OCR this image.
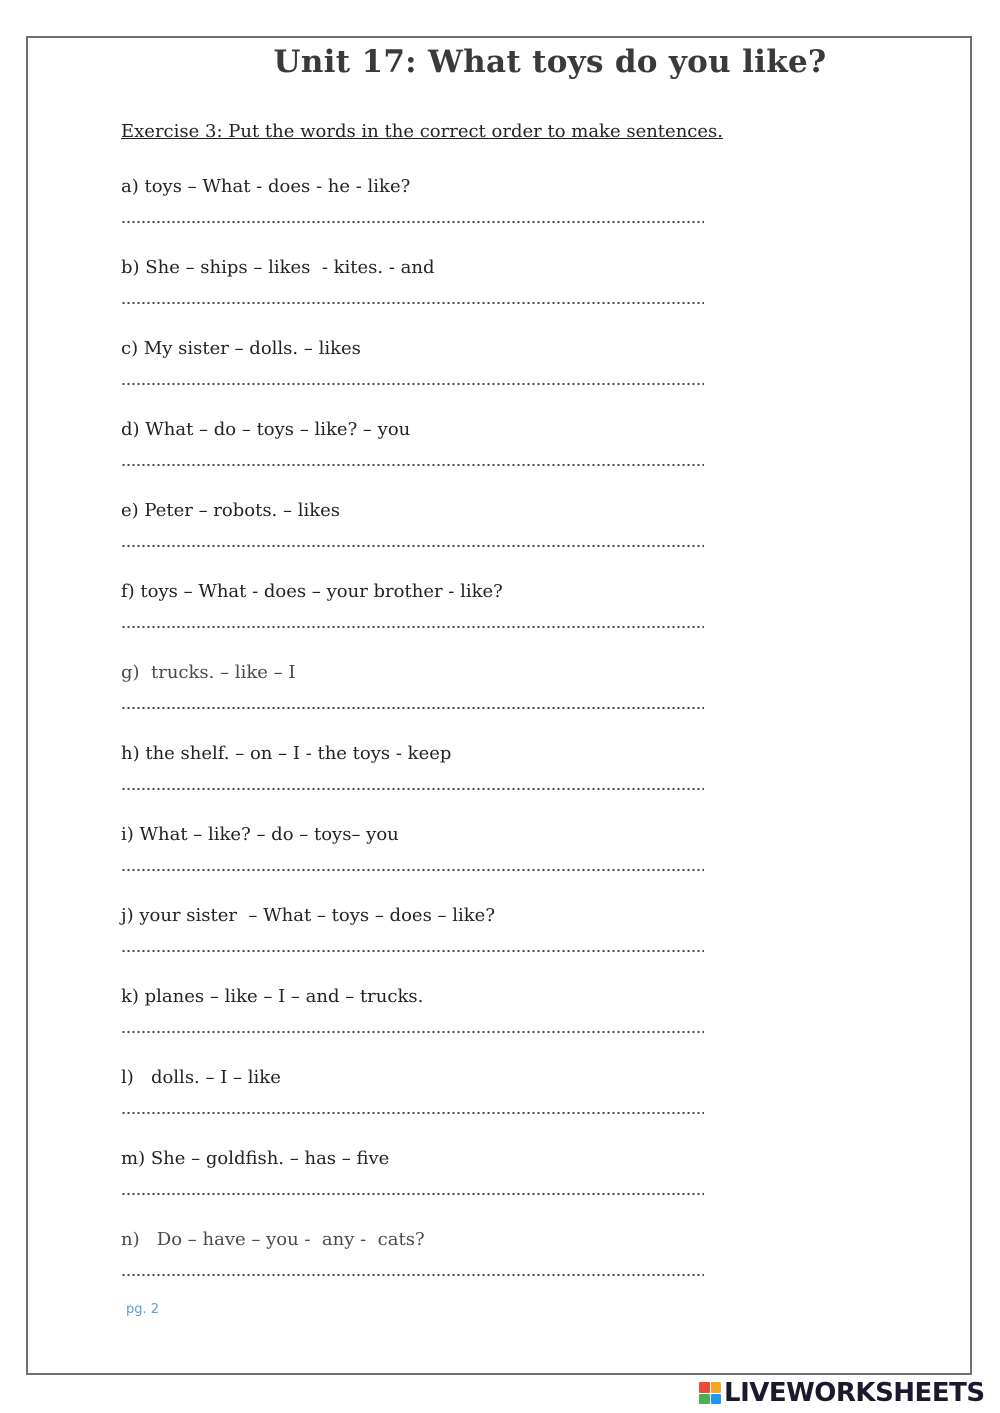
Unit 17: What toys do you like?

Exercise 3: Put the words in the correct order to make sentences.

a) toys – What - does - he - like?
b) She – ships – likes  - kites. - and
c) My sister – dolls. – likes
d) What – do – toys – like? – you
e) Peter – robots. – likes
f) toys – What - does – your brother - like?
g)  trucks. – like – I
h) the shelf. – on – I - the toys - keep
i) What – like? – do – toys– you
j) your sister  – What – toys – does – like?
k) planes – like – I – and – trucks.
l)   dolls. – I – like
m) She – goldfish. – has – five
n)   Do – have – you -  any -  cats?
pg. 2
LIVEWORKSHEETS
